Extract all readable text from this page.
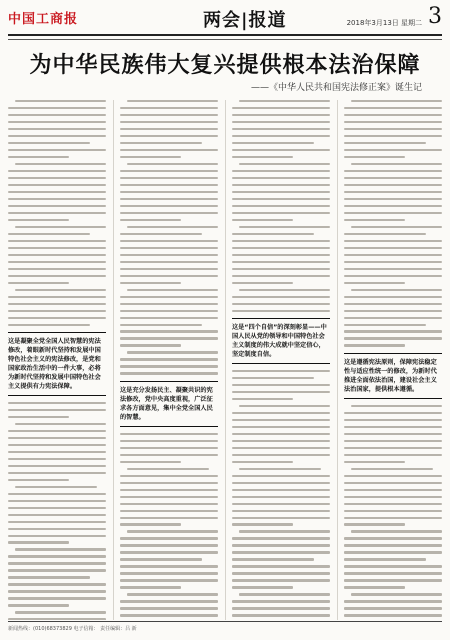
中国工商报	两会|报道	2018年3月13日 星期二 3
为中华民族伟大复兴提供根本法治保障
——《中华人民共和国宪法修正案》诞生记
这是凝聚全党全国人民智慧的宪法修改，着眼新时代坚持和发展中国特色社会主义的宪法修改，是党和国家政治生活中的一件大事，必将为新时代坚持和发展中国特色社会主义提供有力宪法保障。
这是充分发扬民主、凝聚共识的宪法修改，党中央高度重视，广泛征求各方面意见，集中全党全国人民的智慧。
这是“四个自信”的深刻彰显——中国人民从党的领导和中国特色社会主义制度的伟大成就中坚定信心，坚定制度自信。
这是遵循宪法原则，保障宪法稳定性与适应性统一的修改，为新时代推进全面依法治国，建设社会主义法治国家，提供根本遵循。
新闻热线：(010)68373829 电子信箱： 责任编辑：吕 新
